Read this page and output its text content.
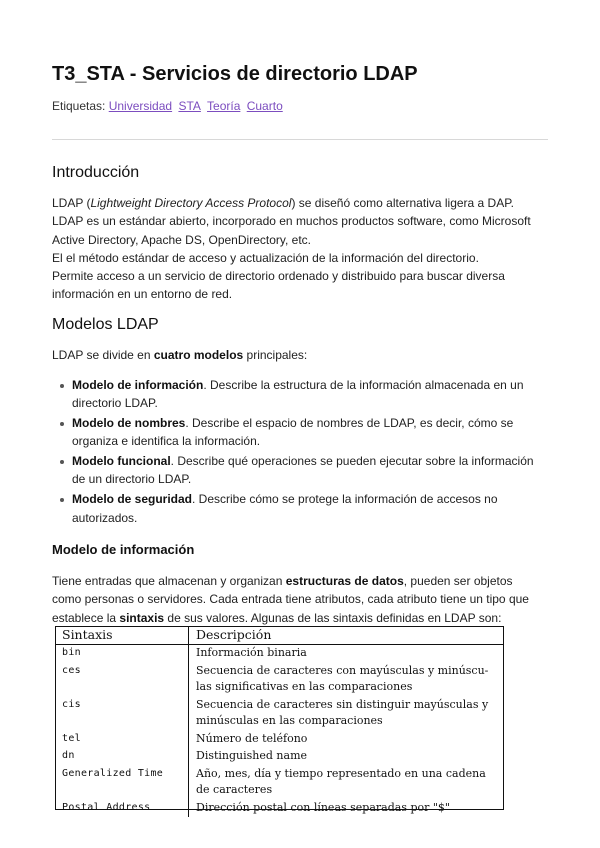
T3_STA - Servicios de directorio LDAP
Etiquetas: Universidad STA Teoría Cuarto
Introducción
LDAP (Lightweight Directory Access Protocol) se diseñó como alternativa ligera a DAP.
LDAP es un estándar abierto, incorporado en muchos productos software, como Microsoft
Active Directory, Apache DS, OpenDirectory, etc.
El el método estándar de acceso y actualización de la información del directorio.
Permite acceso a un servicio de directorio ordenado y distribuido para buscar diversa
información en un entorno de red.
Modelos LDAP
LDAP se divide en cuatro modelos principales:
Modelo de información. Describe la estructura de la información almacenada en un
directorio LDAP.
Modelo de nombres. Describe el espacio de nombres de LDAP, es decir, cómo se
organiza e identifica la información.
Modelo funcional. Describe qué operaciones se pueden ejecutar sobre la información
de un directorio LDAP.
Modelo de seguridad. Describe cómo se protege la información de accesos no
autorizados.
Modelo de información
Tiene entradas que almacenan y organizan estructuras de datos, pueden ser objetos
como personas o servidores. Cada entrada tiene atributos, cada atributo tiene un tipo que
establece la sintaxis de sus valores. Algunas de las sintaxis definidas en LDAP son:
Sintaxis	Descripción
bin	Información binaria
ces	Secuencia de caracteres con mayúsculas y minúscu-las significativas en las comparaciones
cis	Secuencia de caracteres sin distinguir mayúsculas y minúsculas en las comparaciones
tel	Número de teléfono
dn	Distinguished name
Generalized Time	Año, mes, día y tiempo representado en una cadena de caracteres
Postal Address	Dirección postal con líneas separadas por "$"
